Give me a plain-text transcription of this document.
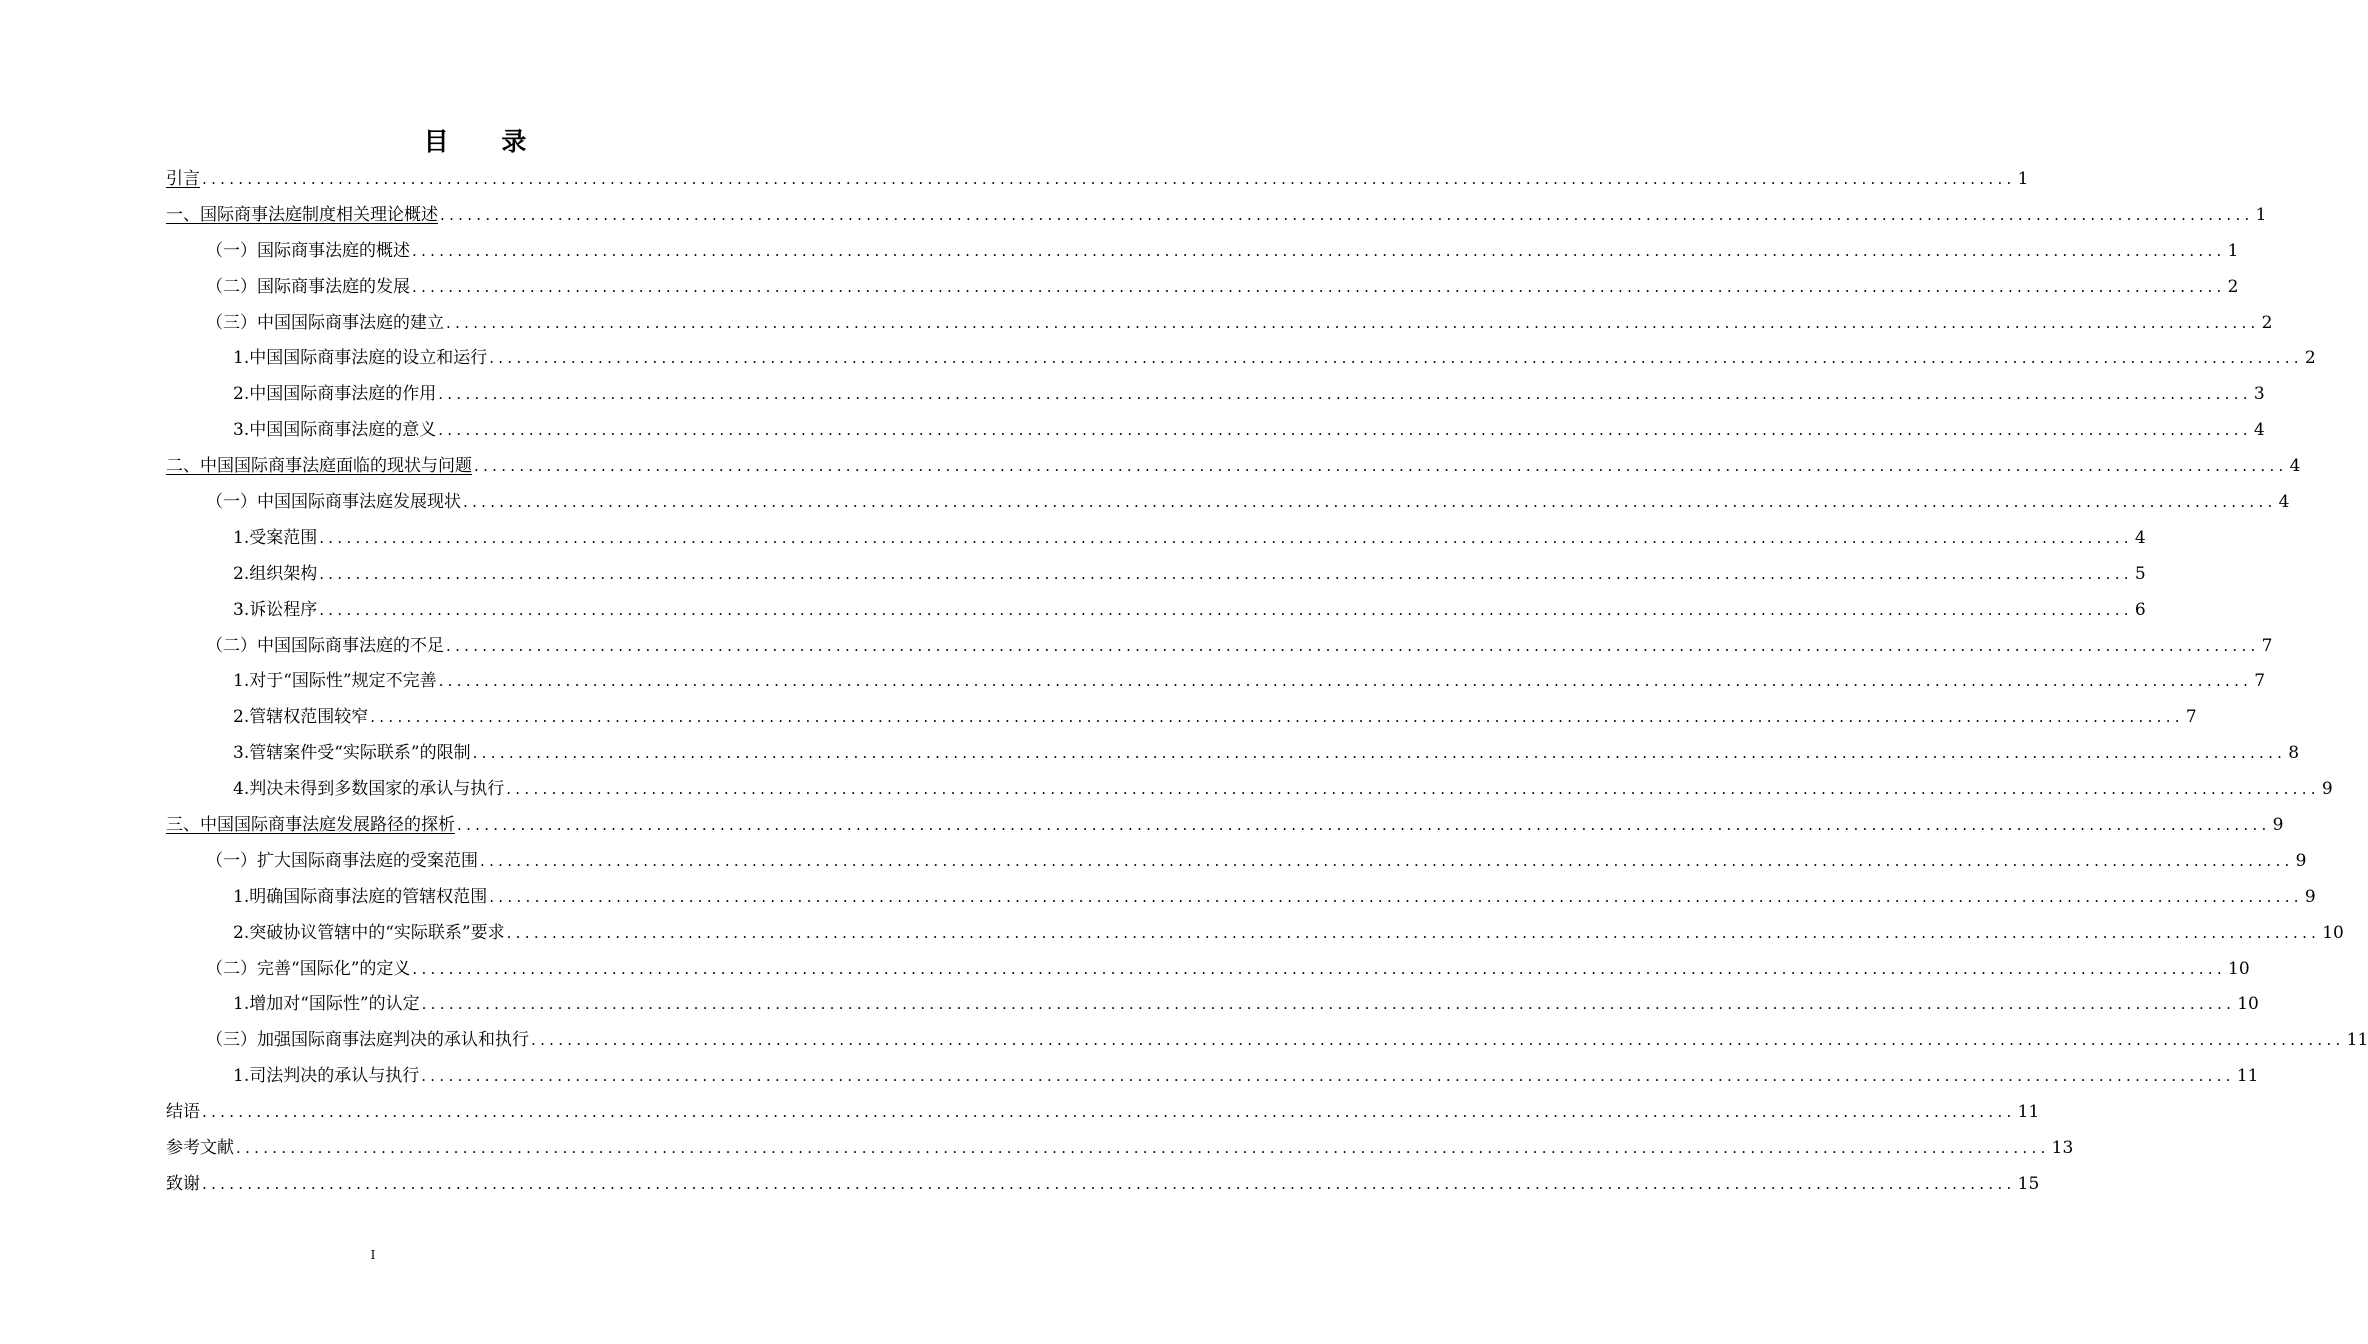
目 录
引言 ........................................................................................................................................................................................................ 1
一、国际商事法庭制度相关理论概述 ........................................................................................................................................................................................................ 1
（一）国际商事法庭的概述 ........................................................................................................................................................................................................ 1
（二）国际商事法庭的发展 ........................................................................................................................................................................................................ 2
（三）中国国际商事法庭的建立 ........................................................................................................................................................................................................ 2
1.中国国际商事法庭的设立和运行 ........................................................................................................................................................................................................ 2
2.中国国际商事法庭的作用 ........................................................................................................................................................................................................ 3
3.中国国际商事法庭的意义 ........................................................................................................................................................................................................ 4
二、中国国际商事法庭面临的现状与问题 ........................................................................................................................................................................................................ 4
（一）中国国际商事法庭发展现状 ........................................................................................................................................................................................................ 4
1.受案范围 ........................................................................................................................................................................................................ 4
2.组织架构 ........................................................................................................................................................................................................ 5
3.诉讼程序 ........................................................................................................................................................................................................ 6
（二）中国国际商事法庭的不足 ........................................................................................................................................................................................................ 7
1.对于“国际性”规定不完善 ........................................................................................................................................................................................................ 7
2.管辖权范围较窄 ........................................................................................................................................................................................................ 7
3.管辖案件受“实际联系”的限制 ........................................................................................................................................................................................................ 8
4.判决未得到多数国家的承认与执行 ........................................................................................................................................................................................................ 9
三、中国国际商事法庭发展路径的探析 ........................................................................................................................................................................................................ 9
（一）扩大国际商事法庭的受案范围 ........................................................................................................................................................................................................ 9
1.明确国际商事法庭的管辖权范围 ........................................................................................................................................................................................................ 9
2.突破协议管辖中的“实际联系”要求 ........................................................................................................................................................................................................ 10
（二）完善“国际化”的定义 ........................................................................................................................................................................................................ 10
1.增加对“国际性”的认定 ........................................................................................................................................................................................................ 10
（三）加强国际商事法庭判决的承认和执行 ........................................................................................................................................................................................................ 11
1.司法判决的承认与执行 ........................................................................................................................................................................................................ 11
结语 ........................................................................................................................................................................................................ 11
参考文献 ........................................................................................................................................................................................................ 13
致谢 ........................................................................................................................................................................................................ 15
I
